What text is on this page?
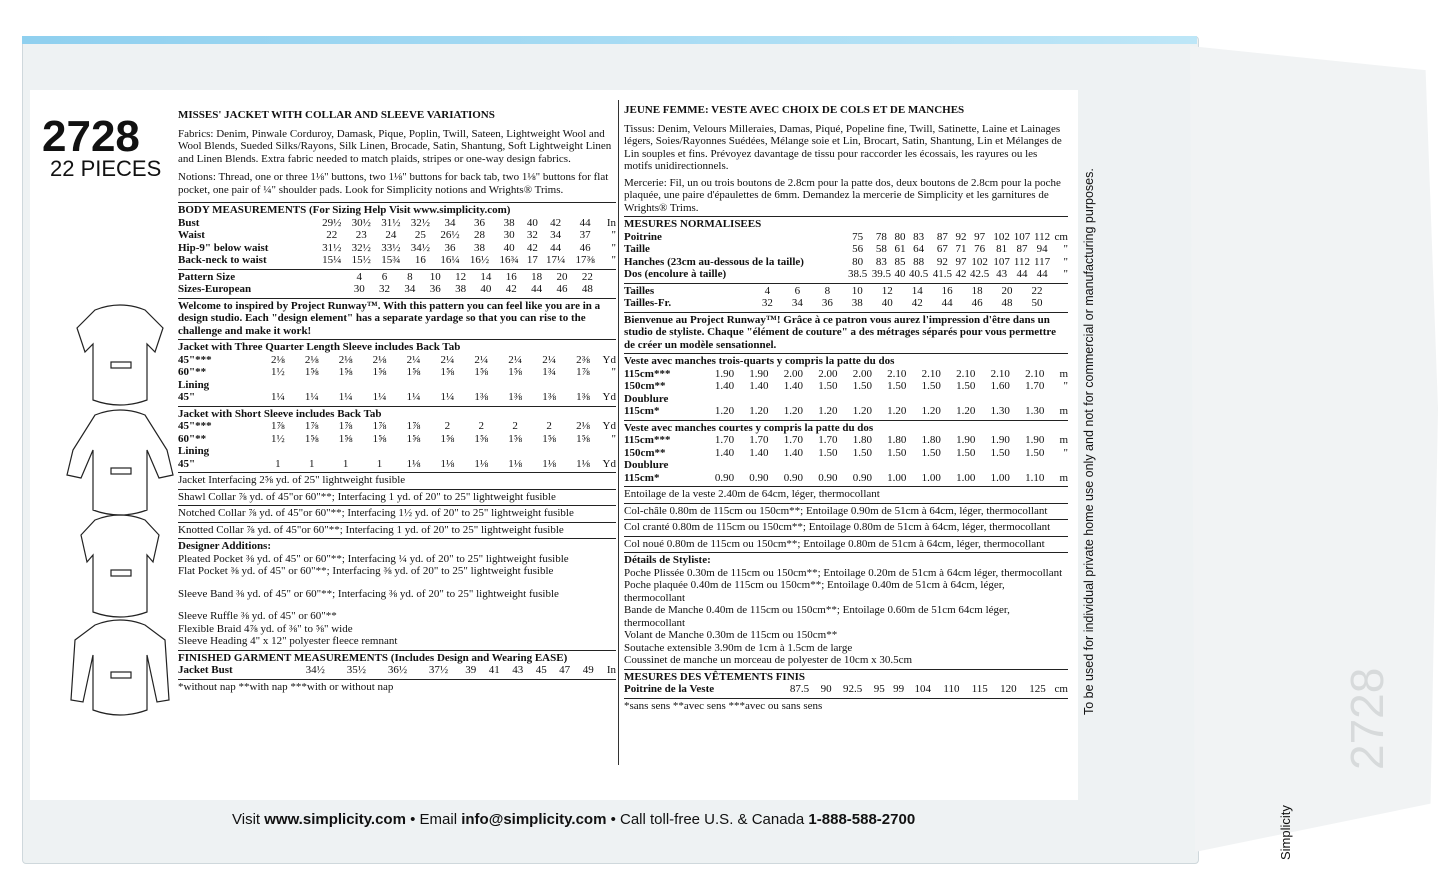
2728
2728
22 PIECES

MISSES' JACKET WITH COLLAR AND SLEEVE VARIATIONS

Fabrics: Denim, Pinwale Corduroy, Damask, Pique, Poplin, Twill, Sateen, Lightweight Wool and Wool Blends, Sueded Silks/Rayons, Silk Linen, Brocade, Satin, Shantung, Soft Lightweight Linen and Linen Blends. Extra fabric needed to match plaids, stripes or one-way design fabrics.

Notions: Thread, one or three 1⅛" buttons, two 1⅛" buttons for back tab, two 1⅛" buttons for flat pocket, one pair of ¼" shoulder pads. Look for Simplicity notions and Wrights® Trims.

BODY MEASUREMENTS (For Sizing Help Visit www.simplicity.com)

Bust	29½	30½	31½	32½	34	36	38	40	42	44	In
Waist	22	23	24	25	26½	28	30	32	34	37	"
Hip-9" below waist	31½	32½	33½	34½	36	38	40	42	44	46	"
Back-neck to waist	15¼	15½	15¾	16	16¼	16½	16¾	17	17¼	17⅜	"
Pattern Size	4	6	8	10	12	14	16	18	20	22	
Sizes-European	30	32	34	36	38	40	42	44	46	48	

Welcome to inspired by Project Runway™. With this pattern you can feel like you are in a design studio. Each "design element" has a separate yardage so that you can rise to the challenge and make it work!

Jacket with Three Quarter Length Sleeve includes Back Tab

45"***	2⅛	2⅛	2⅛	2⅛	2¼	2¼	2¼	2¼	2¼	2⅜	Yd
60"**	1½	1⅝	1⅝	1⅝	1⅝	1⅝	1⅝	1⅝	1¾	1⅞	"
Lining											
45"	1¼	1¼	1¼	1¼	1¼	1¼	1⅜	1⅜	1⅜	1⅜	Yd

Jacket with Short Sleeve includes Back Tab

45"***	1⅞	1⅞	1⅞	1⅞	1⅞	2	2	2	2	2⅛	Yd
60"**	1½	1⅝	1⅝	1⅝	1⅝	1⅝	1⅝	1⅝	1⅝	1⅝	"
Lining											
45"	1	1	1	1	1⅛	1⅛	1⅛	1⅛	1⅛	1⅛	Yd

Jacket Interfacing 2⅝ yd. of 25" lightweight fusible

Shawl Collar ⅞ yd. of 45"or 60"**; Interfacing 1 yd. of 20" to 25" lightweight fusible

Notched Collar ⅞ yd. of 45"or 60"**; Interfacing 1½ yd. of 20" to 25" lightweight fusible

Knotted Collar ⅞ yd. of 45"or 60"**; Interfacing 1 yd. of 20" to 25" lightweight fusible

Designer Additions:

Pleated Pocket ⅜ yd. of 45" or 60"**; Interfacing ¼ yd. of 20" to 25" lightweight fusible

Flat Pocket ⅜ yd. of 45" or 60"**; Interfacing ⅜ yd. of 20" to 25" lightweight fusible

Sleeve Band ⅜ yd. of 45" or 60"**; Interfacing ⅜ yd. of 20" to 25" lightweight fusible

Sleeve Ruffle ⅜ yd. of 45" or 60"**

Flexible Braid 4⅞ yd. of ⅜" to ⅝" wide

Sleeve Heading 4" x 12" polyester fleece remnant

FINISHED GARMENT MEASUREMENTS (Includes Design and Wearing EASE)

Jacket Bust	34½	35½	36½	37½	39	41	43	45	47	49	In

*without nap **with nap ***with or without nap

JEUNE FEMME: VESTE AVEC CHOIX DE COLS ET DE MANCHES

Tissus: Denim, Velours Milleraies, Damas, Piqué, Popeline fine, Twill, Satinette, Laine et Lainages légers, Soies/Rayonnes Suédées, Mélange soie et Lin, Brocart, Satin, Shantung, Lin et Mélanges de Lin souples et fins. Prévoyez davantage de tissu pour raccorder les écossais, les rayures ou les motifs unidirectionnels.

Mercerie: Fil, un ou trois boutons de 2.8cm pour la patte dos, deux boutons de 2.8cm pour la poche plaquée, une paire d'épaulettes de 6mm. Demandez la mercerie de Simplicity et les garnitures de Wrights® Trims.

MESURES NORMALISEES

Poitrine	75	78	80	83	87	92	97	102	107	112	cm
Taille	56	58	61	64	67	71	76	81	87	94	"
Hanches (23cm au-dessous de la taille)	80	83	85	88	92	97	102	107	112	117	"
Dos (encolure à taille)	38.5	39.5	40	40.5	41.5	42	42.5	43	44	44	"
Tailles	4	6	8	10	12	14	16	18	20	22	
Tailles-Fr.	32	34	36	38	40	42	44	46	48	50	

Bienvenue au Project Runway™! Grâce à ce patron vous aurez l'impression d'être dans un studio de styliste. Chaque "élément de couture" a des métrages séparés pour vous permettre de créer un modèle sensationnel.

Veste avec manches trois-quarts y compris la patte du dos

115cm***	1.90	1.90	2.00	2.00	2.00	2.10	2.10	2.10	2.10	2.10	m
150cm**	1.40	1.40	1.40	1.50	1.50	1.50	1.50	1.50	1.60	1.70	"
Doublure											
115cm*	1.20	1.20	1.20	1.20	1.20	1.20	1.20	1.20	1.30	1.30	m

Veste avec manches courtes y compris la patte du dos

115cm***	1.70	1.70	1.70	1.70	1.80	1.80	1.80	1.90	1.90	1.90	m
150cm**	1.40	1.40	1.40	1.50	1.50	1.50	1.50	1.50	1.50	1.50	"
Doublure											
115cm*	0.90	0.90	0.90	0.90	0.90	1.00	1.00	1.00	1.00	1.10	m

Entoilage de la veste 2.40m de 64cm, léger, thermocollant

Col-châle 0.80m de 115cm ou 150cm**; Entoilage 0.90m de 51cm à 64cm, léger, thermocollant

Col cranté 0.80m de 115cm ou 150cm**; Entoilage 0.80m de 51cm à 64cm, léger, thermocollant

Col noué 0.80m de 115cm ou 150cm**; Entoilage 0.80m de 51cm à 64cm, léger, thermocollant

Détails de Styliste:

Poche Plissée 0.30m de 115cm ou 150cm**; Entoilage 0.20m de 51cm à 64cm léger, thermocollant

Poche plaquée 0.40m de 115cm ou 150cm**; Entoilage 0.40m de 51cm à 64cm, léger, thermocollant

Bande de Manche 0.40m de 115cm ou 150cm**; Entoilage 0.60m de 51cm 64cm léger, thermocollant

Volant de Manche 0.30m de 115cm ou 150cm**

Soutache extensible 3.90m de 1cm à 1.5cm de large

Coussinet de manche un morceau de polyester de 10cm x 30.5cm

MESURES DES VÊTEMENTS FINIS

Poitrine de la Veste	87.5	90	92.5	95	99	104	110	115	120	125	cm

*sans sens **avec sens ***avec ou sans sens	To be used for individual private home use only and not for commercial or manufacturing purposes.
Simplicity
Visit www.simplicity.com • Email info@simplicity.com • Call toll-free U.S. & Canada 1-888-588-2700
